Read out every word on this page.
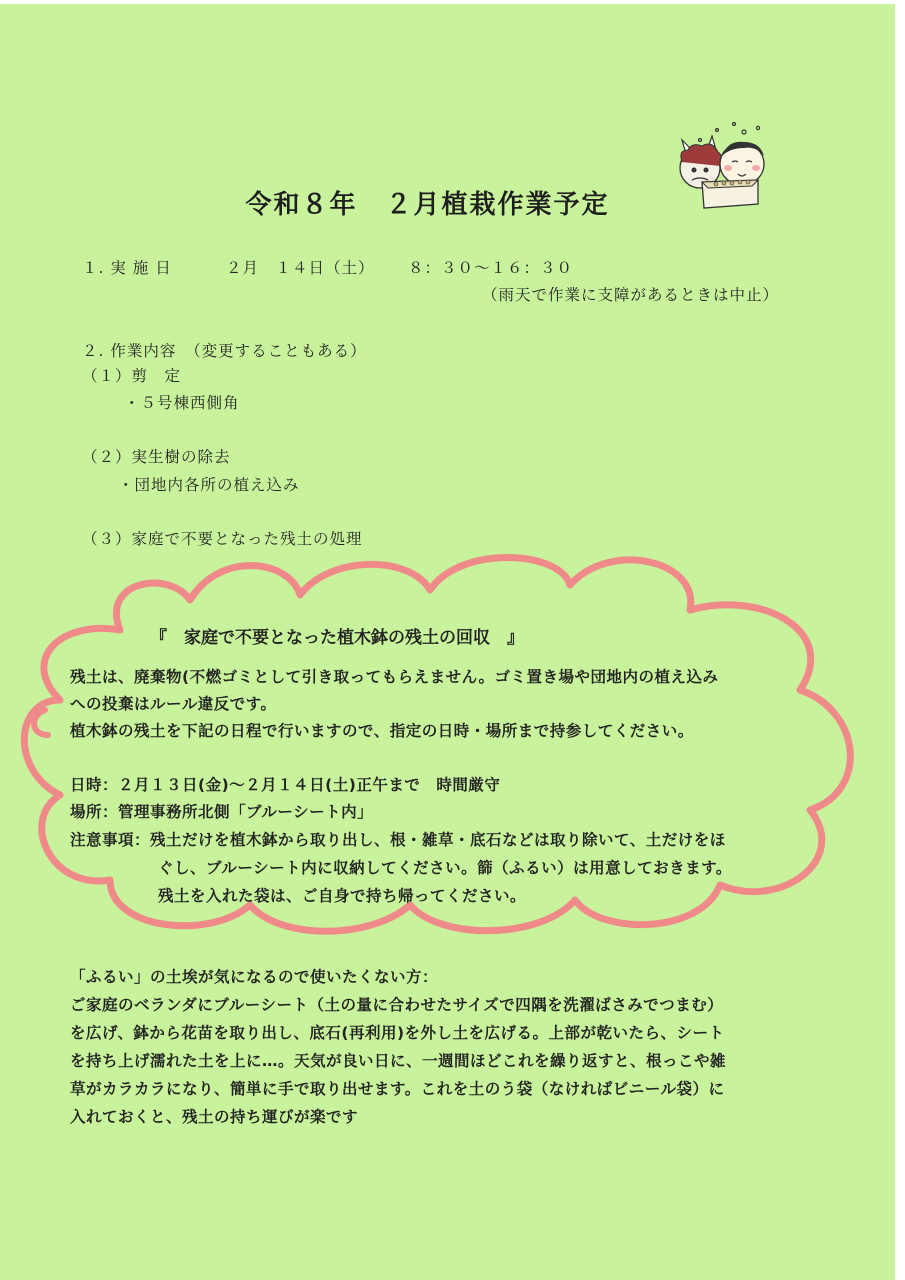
令和８年　２月植栽作業予定
１. 実 施 日	２月　１４日（土） ８：３０〜１６：３０
（雨天で作業に支障があるときは中止）
２. 作業内容　（変更することもある）
（１）剪　定
・５号棟西側角
（２）実生樹の除去
・団地内各所の植え込み
（３）家庭で不要となった残土の処理
『　家庭で不要となった植木鉢の残土の回収　』
残土は、廃棄物(不燃ゴミとして引き取ってもらえません。ゴミ置き場や団地内の植え込み
への投棄はルール違反です。
植木鉢の残土を下記の日程で行いますので、指定の日時・場所まで持参してください。
日時：２月１３日(金)〜２月１４日(土)正午まで　時間厳守
場所：管理事務所北側「ブルーシート内」
注意事項：残土だけを植木鉢から取り出し、根・雑草・底石などは取り除いて、土だけをほ
ぐし、ブルーシート内に収納してください。篩（ふるい）は用意しておきます。
残土を入れた袋は、ご自身で持ち帰ってください。
「ふるい」の土埃が気になるので使いたくない方：
ご家庭のベランダにブルーシート（土の量に合わせたサイズで四隅を洗濯ばさみでつまむ）
を広げ、鉢から花苗を取り出し、底石(再利用)を外し土を広げる。上部が乾いたら、シート
を持ち上げ濡れた土を上に…。天気が良い日に、一週間ほどこれを繰り返すと、根っこや雑
草がカラカラになり、簡単に手で取り出せます。これを土のう袋（なければビニール袋）に
入れておくと、残土の持ち運びが楽です
